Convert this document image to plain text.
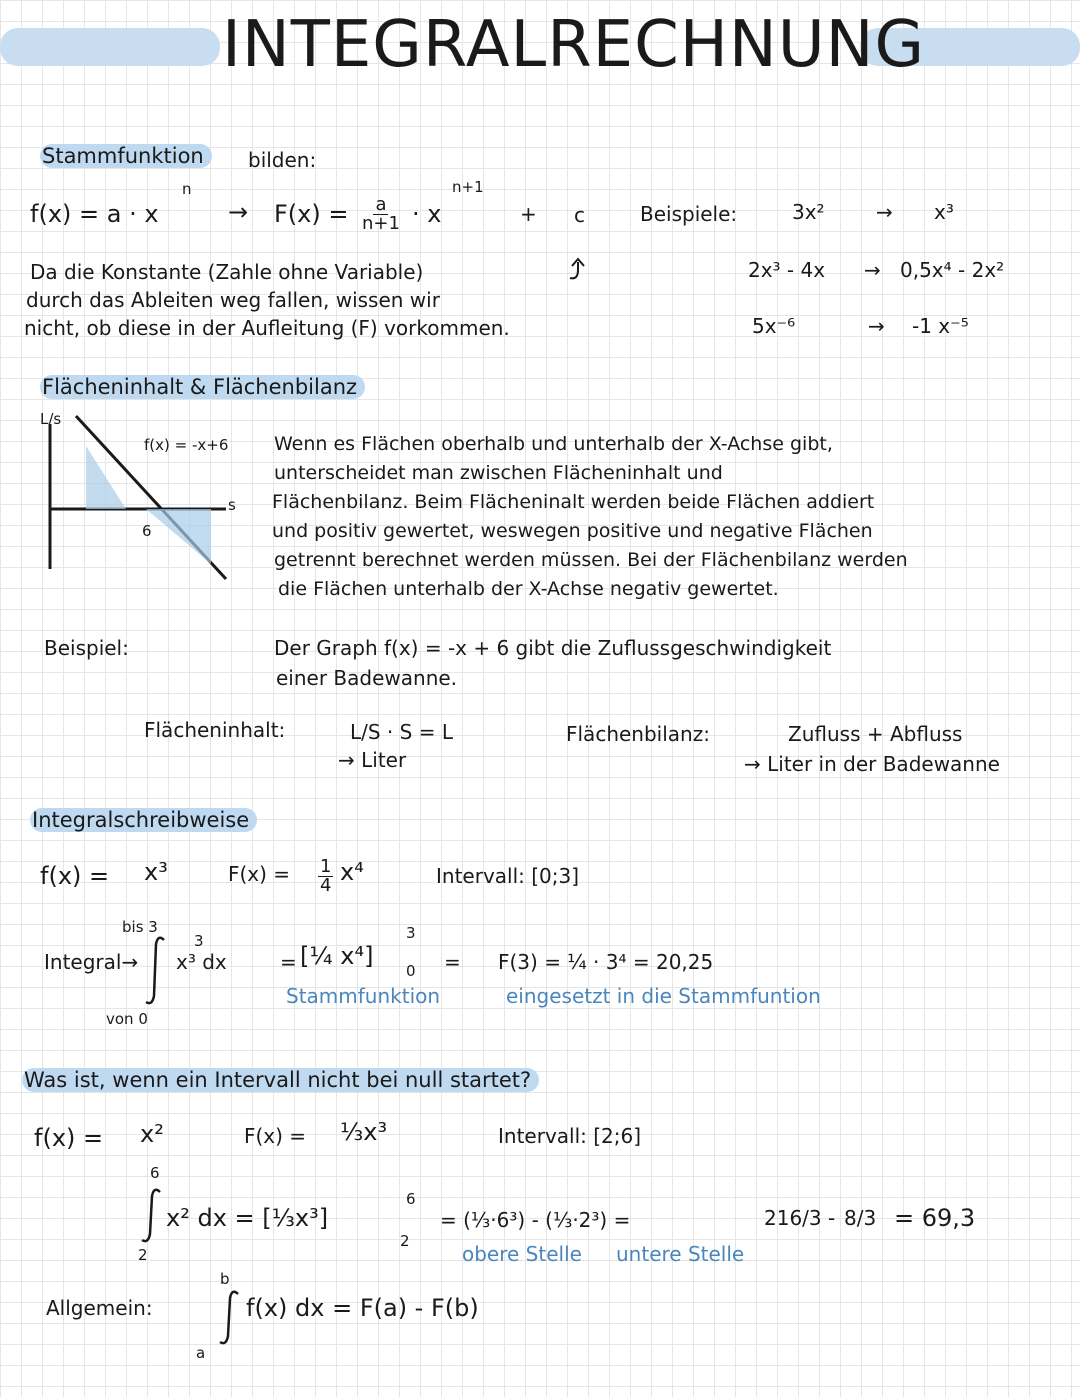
INTEGRALRECHNUNG
Stammfunktion	bilden:
n
f(x) = a · x	→ $F(x) = \frac{a}{n+1} \cdot x$
n+1
+ c	Beispiele:	3x²	→ x³
2x³ - 4x → 0,5x⁴ - 2x²
5x⁻⁶	→ -1 x⁻⁵
Da die Konstante (Zahle ohne Variable)
durch das Ableiten weg fallen, wissen wir
nicht, ob diese in der Aufleitung (F) vorkommen.
Flächeninhalt & Flächenbilanz
L/s
f(x) = -x+6
s
6
Wenn es Flächen oberhalb und unterhalb der X-Achse gibt,
unterscheidet man zwischen Flächeninhalt und
Flächenbilanz. Beim Flächeninalt werden beide Flächen addiert
und positiv gewertet, weswegen positive und negative Flächen
getrennt berechnet werden müssen. Bei der Flächenbilanz werden
die Flächen unterhalb der X-Achse negativ gewertet.
Beispiel:	Der Graph f(x) = -x + 6 gibt die Zuflussgeschwindigkeit
einer Badewanne.
Flächeninhalt:	L/S · S = L
→ Liter
Flächenbilanz:	Zufluss + Abfluss
→ Liter in der Badewanne
Integralschreibweise
f(x) = x³	$F(x) = \frac{1}{4} x^4$	Intervall: [0;3]
bis 3
Integral→
3
x³ dx	= [¼ x⁴]
3
0 = F(3) = ¼ · 3⁴ = 20,25
Stammfunktion	eingesetzt in die Stammfuntion
von 0
Was ist, wenn ein Intervall nicht bei null startet?
f(x) = x²	F(x) = ⅓x³	Intervall: [2;6]
6
2
x² dx = [⅓x³]
6
2
= (⅓·6³) - (⅓·2³) =	216/3 - 8/3 = 69,3
obere Stelle untere Stelle
Allgemein:
b
a
f(x) dx = F(a) - F(b)
